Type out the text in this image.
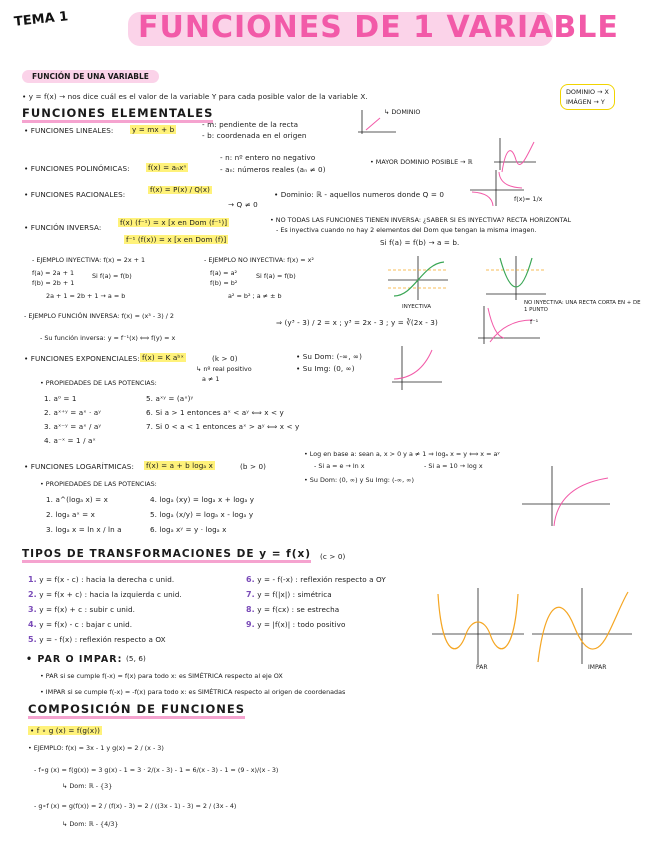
TEMA 1 FUNCIONES DE 1 VARIABLE
FUNCIÓN DE UNA VARIABLE
DOMINIO → X
IMÁGEN → Y
• y = f(x) → nos dice cuál es el valor de la variable Y para cada posible valor de la variable X.
FUNCIONES ELEMENTALES	↳ DOMINIO
• FUNCIONES LINEALES:	y = mx + b
- m: pendiente de la recta
- b: coordenada en el origen
• FUNCIONES POLINÓMICAS:	f(x) = aₙxⁿ
- n: nº entero no negativo
- aₙ: números reales (aₙ ≠ 0)
• MAYOR DOMINIO POSIBLE → ℝ
• FUNCIONES RACIONALES:	f(x) = P(x) / Q(x)
→ Q ≠ 0
• Dominio: ℝ - aquellos numeros donde Q = 0	f(x)= 1/x
• FUNCIÓN INVERSA:
f(x) (f⁻¹) = x [x en Dom (f⁻¹)]
f⁻¹ (f(x)) = x [x en Dom (f)]
• NO TODAS LAS FUNCIONES TIENEN INVERSA: ¿SABER SI ES INYECTIVA? RECTA HORIZONTAL
- Es inyectiva cuando no hay 2 elementos del Dom que tengan la misma imagen.
Si f(a) = f(b) → a = b.
- EJEMPLO INYECTIVA: f(x) = 2x + 1
f(a) = 2a + 1
f(b) = 2b + 1
Si f(a) = f(b)
2a + 1 = 2b + 1 → a = b
- EJEMPLO NO INYECTIVA: f(x) = x²
f(a) = a²
f(b) = b²
Si f(a) = f(b)
a² = b² ; a ≠ ± b
INYECTIVA
NO INYECTIVA: UNA RECTA CORTA EN + DE 1 PUNTO
- EJEMPLO FUNCIÓN INVERSA: f(x) = (x³ - 3) / 2
⇒ (y³ - 3) / 2 = x ; y³ = 2x - 3 ; y = ∛(2x - 3)
- Su función inversa: y = f⁻¹(x) ⟺ f(y) = x
f⁻¹
• FUNCIONES EXPONENCIALES: f(x) = K aᵇˣ	(k > 0)
↳ nº real positivo
a ≠ 1
• Su Dom: (-∞, ∞)
• Su Img: (0, ∞)
• PROPIEDADES DE LAS POTENCIAS:
1. a⁰ = 1
2. aˣ⁺ʸ = aˣ · aʸ
3. aˣ⁻ʸ = aˣ / aʸ
4. a⁻ˣ = 1 / aˣ
5. aˣʸ = (aˣ)ʸ
6. Si a > 1 entonces aˣ < aʸ ⟺ x < y
7. Si 0 < a < 1 entonces aˣ > aʸ ⟺ x < y
• FUNCIONES LOGARÍTMICAS: f(x) = a + b logₐ x	(b > 0)
• Log en base a: sean a, x > 0 y a ≠ 1 ⇒ logₐ x = y ⟺ x = aʸ
- Si a = e → ln x	- Si a = 10 → log x
• Su Dom: (0, ∞) y Su Img: (-∞, ∞)
• PROPIEDADES DE LAS POTENCIAS:
1. a^(logₐ x) = x
2. logₐ aˣ = x
3. logₐ x = ln x / ln a
4. logₐ (xy) = logₐ x + logₐ y
5. logₐ (x/y) = logₐ x - logₐ y
6. logₐ xʸ = y · logₐ x
TIPOS DE TRANSFORMACIONES DE y = f(x) (c > 0)
1. y = f(x - c) : hacia la derecha c unid.
2. y = f(x + c) : hacia la izquierda c unid.
3. y = f(x) + c : subir c unid.
4. y = f(x) - c : bajar c unid.
5. y = - f(x) : reflexión respecto a OX
6. y = - f(-x) : reflexión respecto a OY
7. y = f(|x|) : simétrica
8. y = f(cx) : se estrecha
9. y = |f(x)| : todo positivo
PAR	IMPAR
• PAR O IMPAR: (5, 6)
• PAR si se cumple f(-x) = f(x) para todo x: es SIMÉTRICA respecto al eje OX
• IMPAR si se cumple f(-x) = -f(x) para todo x: es SIMÉTRICA respecto al origen de coordenadas
COMPOSICIÓN DE FUNCIONES
• f ∘ g (x) = f(g(x))
• EJEMPLO: f(x) = 3x - 1 y g(x) = 2 / (x - 3)
- f∘g (x) = f(g(x)) = 3 g(x) - 1 = 3 · 2/(x - 3) - 1 = 6/(x - 3) - 1 = (9 - x)/(x - 3)
↳ Dom: ℝ - {3}
- g∘f (x) = g(f(x)) = 2 / (f(x) - 3) = 2 / ((3x - 1) - 3) = 2 / (3x - 4)
↳ Dom: ℝ - {4/3}
